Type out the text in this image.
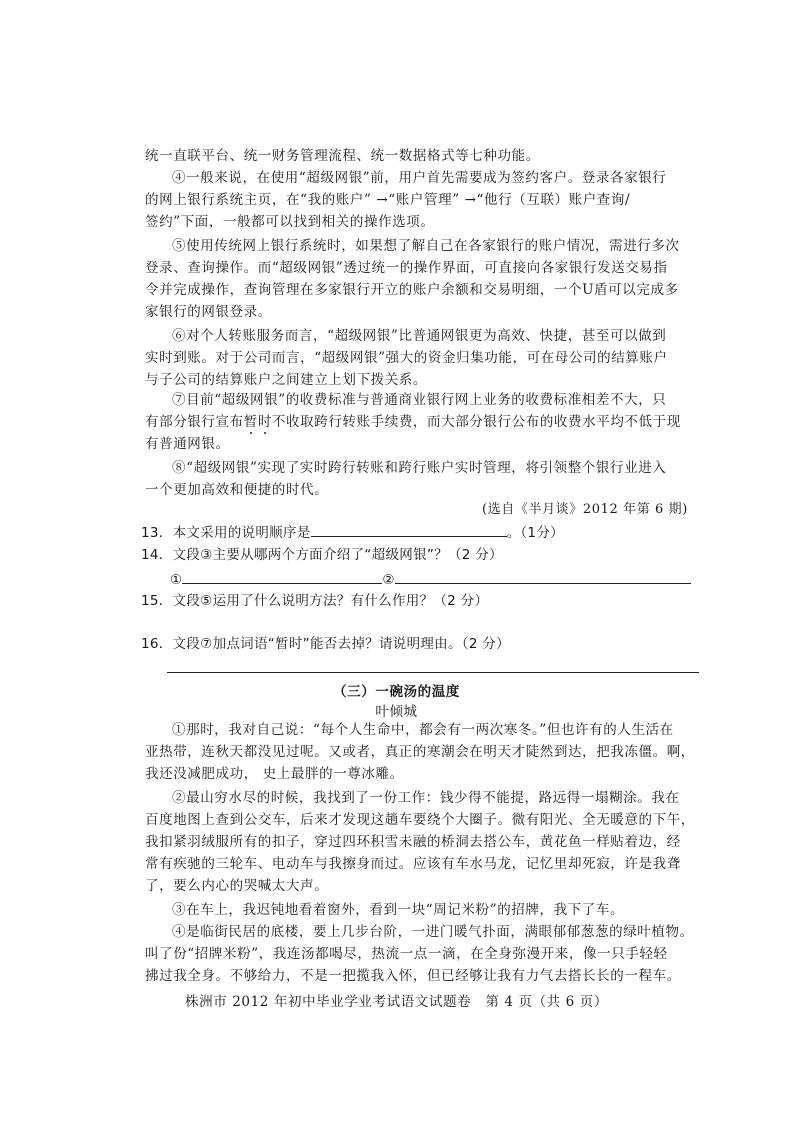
统一直联平台、统一财务管理流程、统一数据格式等七种功能。
④一般来说，在使用“超级网银”前，用户首先需要成为签约客户。登录各家银行
的网上银行系统主页，在“我的账户” →“账户管理” →“他行（互联）账户查询/
签约”下面，一般都可以找到相关的操作选项。
⑤使用传统网上银行系统时，如果想了解自己在各家银行的账户情况，需进行多次
登录、查询操作。而“超级网银”透过统一的操作界面，可直接向各家银行发送交易指
令并完成操作，查询管理在多家银行开立的账户余额和交易明细，一个U盾可以完成多
家银行的网银登录。
⑥对个人转账服务而言，“超级网银”比普通网银更为高效、快捷，甚至可以做到
实时到账。对于公司而言，“超级网银”强大的资金归集功能，可在母公司的结算账户
与子公司的结算账户之间建立上划下拨关系。
⑦目前“超级网银”的收费标准与普通商业银行网上业务的收费标准相差不大，只
有部分银行宣布暂时不收取跨行转账手续费，而大部分银行公布的收费水平均不低于现
有普通网银。
⑧“超级网银”实现了实时跨行转账和跨行账户实时管理，将引领整个银行业进入
一个更加高效和便捷的时代。
(选自《半月谈》2012 年第 6 期)
13．本文采用的说明顺序是	。（1分）
14．文段③主要从哪两个方面介绍了“超级网银”？（2 分）
①	②
15．文段⑤运用了什么说明方法？有什么作用？（2 分）
16．文段⑦加点词语“暂时”能否去掉？请说明理由。（2 分）
（三）一碗汤的温度
叶倾城
①那时，我对自己说：“每个人生命中，都会有一两次寒冬。”但也许有的人生活在
亚热带，连秋天都没见过呢。又或者，真正的寒潮会在明天才陡然到达，把我冻僵。啊，
我还没减肥成功， 史上最胖的一尊冰雕。
②最山穷水尽的时候，我找到了一份工作：钱少得不能提，路远得一塌糊涂。我在
百度地图上查到公交车，后来才发现这趟车要绕个大圈子。微有阳光、全无暖意的下午，
我扣紧羽绒服所有的扣子，穿过四环积雪未融的桥洞去搭公车，黄花鱼一样贴着边，经
常有疾驰的三轮车、电动车与我擦身而过。应该有车水马龙，记忆里却死寂，许是我聋
了，要么内心的哭喊太大声。
③在车上，我迟钝地看着窗外，看到一块“周记米粉”的招牌，我下了车。
④是临街民居的底楼，要上几步台阶，一进门暖气扑面，满眼郁郁葱葱的绿叶植物。
叫了份“招牌米粉”，我连汤都喝尽，热流一点一滴，在全身弥漫开来，像一只手轻轻
拂过我全身。不够给力，不是一把揽我入怀，但已经够让我有力气去搭长长的一程车。
株洲市 2012 年初中毕业学业考试语文试题卷　第 4 页（共 6 页）
